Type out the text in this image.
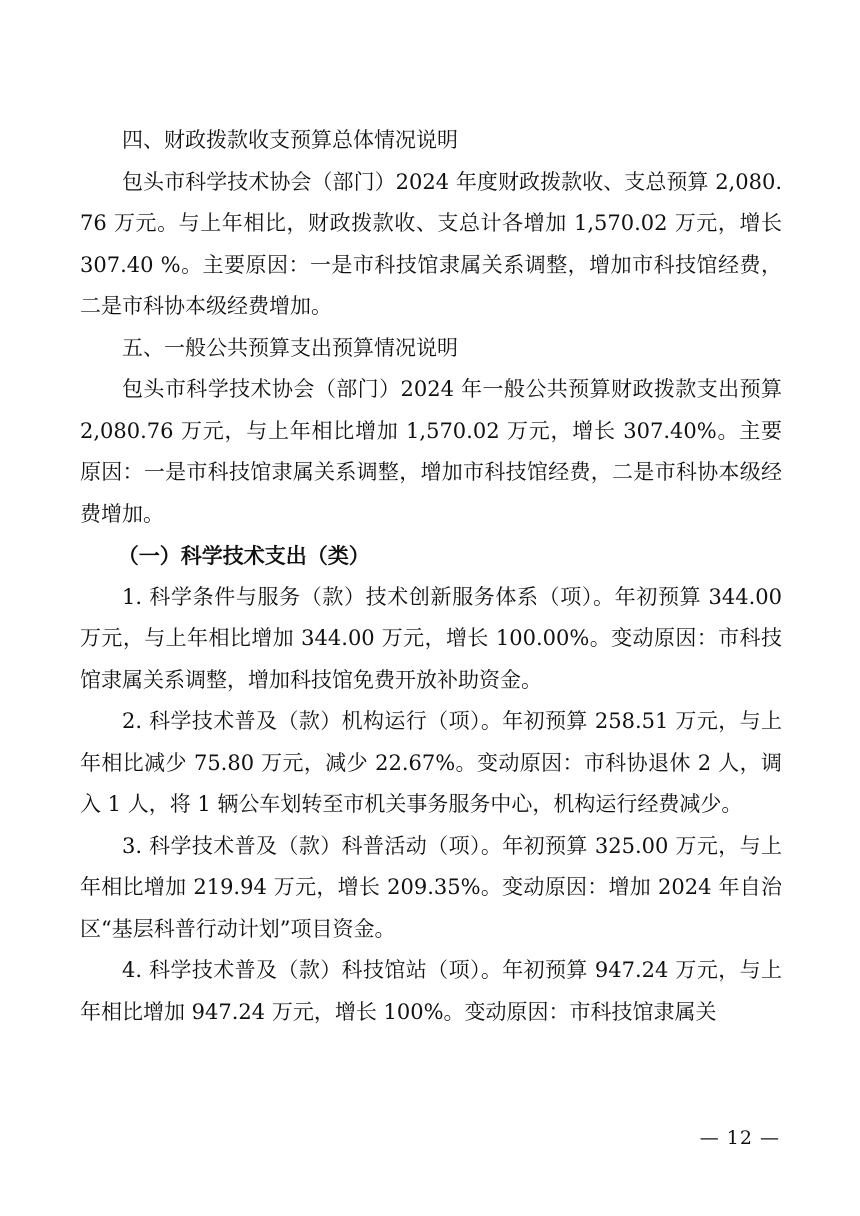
四、财政拨款收支预算总体情况说明

包头市科学技术协会（部门）2024 年度财政拨款收、支总预算 2,080.76 万元。与上年相比，财政拨款收、支总计各增加 1,570.02 万元，增长 307.40 %。主要原因：一是市科技馆隶属关系调整，增加市科技馆经费，二是市科协本级经费增加。

五、一般公共预算支出预算情况说明

包头市科学技术协会（部门）2024 年一般公共预算财政拨款支出预算 2,080.76 万元，与上年相比增加 1,570.02 万元，增长 307.40%。主要原因：一是市科技馆隶属关系调整，增加市科技馆经费，二是市科协本级经费增加。

（一）科学技术支出（类）

1. 科学条件与服务（款）技术创新服务体系（项）。年初预算 344.00 万元，与上年相比增加 344.00 万元，增长 100.00%。变动原因：市科技馆隶属关系调整，增加科技馆免费开放补助资金。

2. 科学技术普及（款）机构运行（项）。年初预算 258.51 万元，与上年相比减少 75.80 万元，减少 22.67%。变动原因：市科协退休 2 人，调入 1 人，将 1 辆公车划转至市机关事务服务中心，机构运行经费减少。

3. 科学技术普及（款）科普活动（项）。年初预算 325.00 万元，与上年相比增加 219.94 万元，增长 209.35%。变动原因：增加 2024 年自治区“基层科普行动计划”项目资金。

4. 科学技术普及（款）科技馆站（项）。年初预算 947.24 万元，与上年相比增加 947.24 万元，增长 100%。变动原因：市科技馆隶属关

— 12 —
